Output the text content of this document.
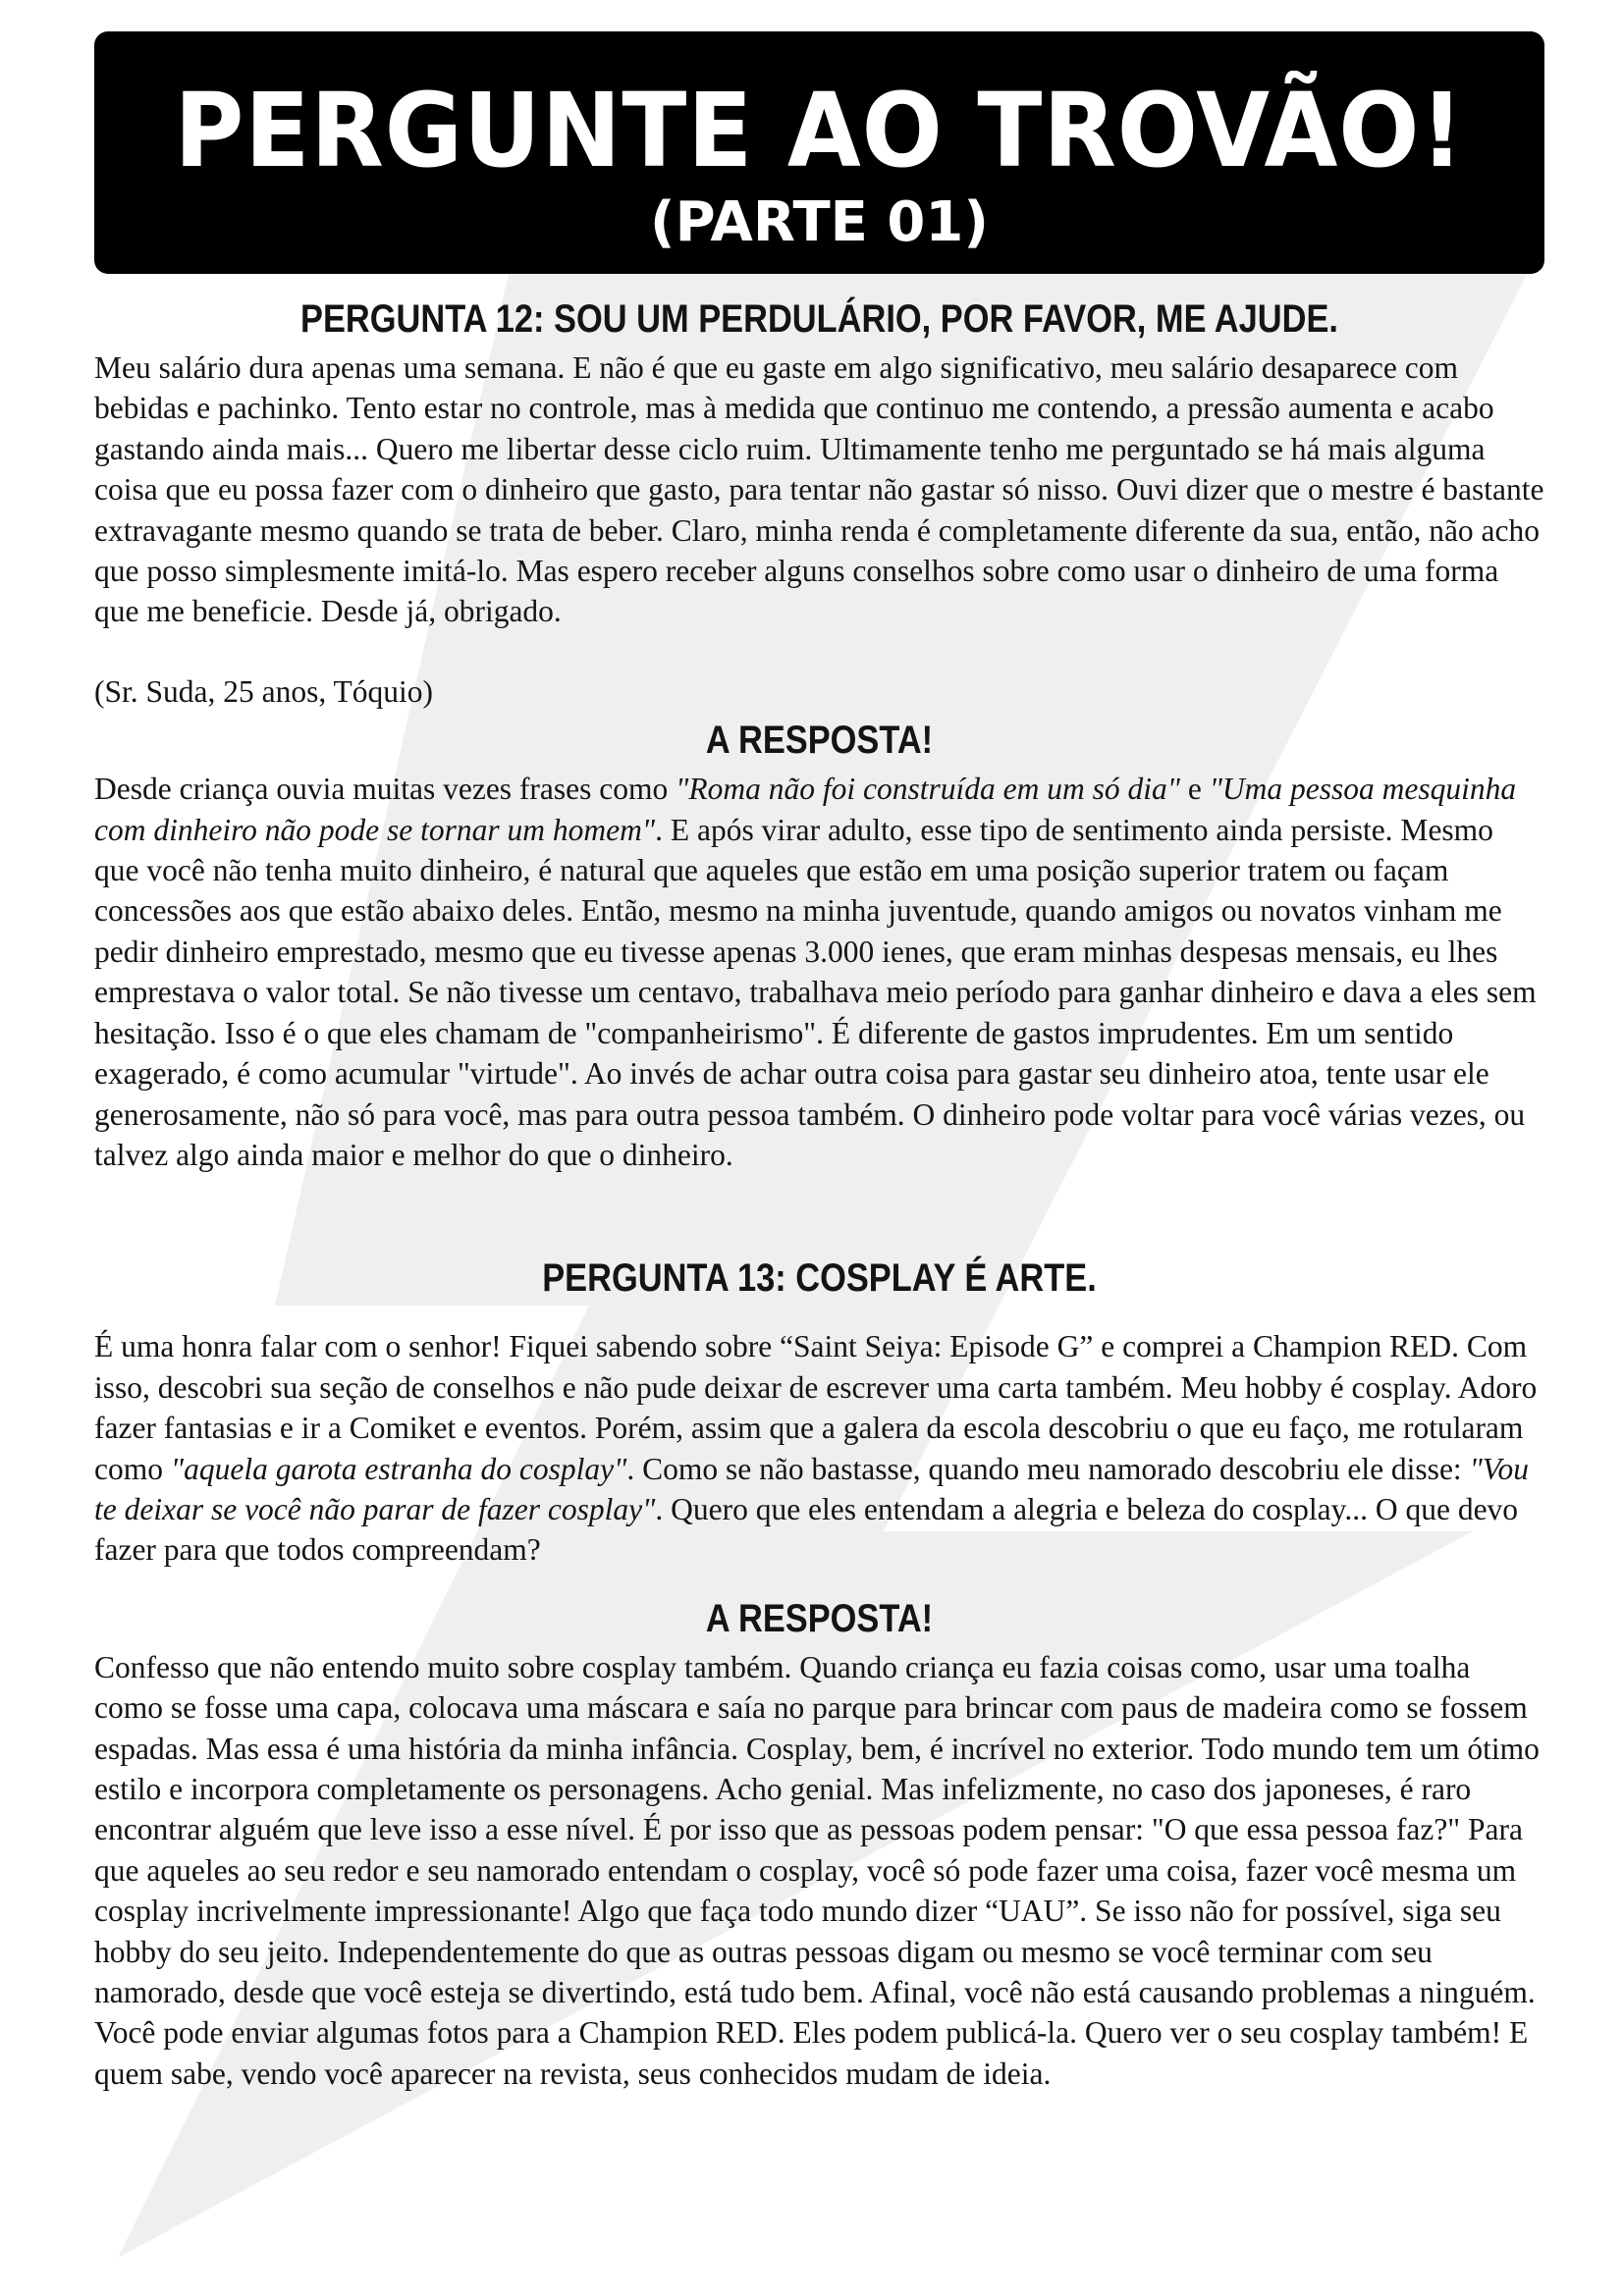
PERGUNTE AO TROVÃO!
(PARTE 01)
PERGUNTA 12: SOU UM PERDULÁRIO, POR FAVOR, ME AJUDE.

Meu salário dura apenas uma semana. E não é que eu gaste em algo significativo, meu salário desaparece com bebidas e pachinko. Tento estar no controle, mas à medida que continuo me contendo, a pressão aumenta e acabo gastando ainda mais... Quero me libertar desse ciclo ruim. Ultimamente tenho me perguntado se há mais alguma coisa que eu possa fazer com o dinheiro que gasto, para tentar não gastar só nisso. Ouvi dizer que o mestre é bastante extravagante mesmo quando se trata de beber. Claro, minha renda é completamente diferente da sua, então, não acho que posso simplesmente imitá-lo. Mas espero receber alguns conselhos sobre como usar o dinheiro de uma forma que me beneficie. Desde já, obrigado.

(Sr. Suda, 25 anos, Tóquio)

A RESPOSTA!

Desde criança ouvia muitas vezes frases como "Roma não foi construída em um só dia" e "Uma pessoa mesquinha com dinheiro não pode se tornar um homem". E após virar adulto, esse tipo de sentimento ainda persiste. Mesmo que você não tenha muito dinheiro, é natural que aqueles que estão em uma posição superior tratem ou façam concessões aos que estão abaixo deles. Então, mesmo na minha juventude, quando amigos ou novatos vinham me pedir dinheiro emprestado, mesmo que eu tivesse apenas 3.000 ienes, que eram minhas despesas mensais, eu lhes emprestava o valor total. Se não tivesse um centavo, trabalhava meio período para ganhar dinheiro e dava a eles sem hesitação. Isso é o que eles chamam de "companheirismo". É diferente de gastos imprudentes. Em um sentido exagerado, é como acumular "virtude". Ao invés de achar outra coisa para gastar seu dinheiro atoa, tente usar ele generosamente, não só para você, mas para outra pessoa também. O dinheiro pode voltar para você várias vezes, ou talvez algo ainda maior e melhor do que o dinheiro.

PERGUNTA 13: COSPLAY É ARTE.

É uma honra falar com o senhor! Fiquei sabendo sobre “Saint Seiya: Episode G” e comprei a Champion RED. Com isso, descobri sua seção de conselhos e não pude deixar de escrever uma carta também. Meu hobby é cosplay. Adoro fazer fantasias e ir a Comiket e eventos. Porém, assim que a galera da escola descobriu o que eu faço, me rotularam como "aquela garota estranha do cosplay". Como se não bastasse, quando meu namorado descobriu ele disse: "Vou te deixar se você não parar de fazer cosplay". Quero que eles entendam a alegria e beleza do cosplay... O que devo fazer para que todos compreendam?

A RESPOSTA!

Confesso que não entendo muito sobre cosplay também. Quando criança eu fazia coisas como, usar uma toalha como se fosse uma capa, colocava uma máscara e saía no parque para brincar com paus de madeira como se fossem espadas. Mas essa é uma história da minha infância. Cosplay, bem, é incrível no exterior. Todo mundo tem um ótimo estilo e incorpora completamente os personagens. Acho genial. Mas infelizmente, no caso dos japoneses, é raro encontrar alguém que leve isso a esse nível. É por isso que as pessoas podem pensar: "O que essa pessoa faz?" Para que aqueles ao seu redor e seu namorado entendam o cosplay, você só pode fazer uma coisa, fazer você mesma um cosplay incrivelmente impressionante! Algo que faça todo mundo dizer “UAU”. Se isso não for possível, siga seu hobby do seu jeito. Independentemente do que as outras pessoas digam ou mesmo se você terminar com seu namorado, desde que você esteja se divertindo, está tudo bem. Afinal, você não está causando problemas a ninguém. Você pode enviar algumas fotos para a Champion RED. Eles podem publicá-la. Quero ver o seu cosplay também! E quem sabe, vendo você aparecer na revista, seus conhecidos mudam de ideia.
